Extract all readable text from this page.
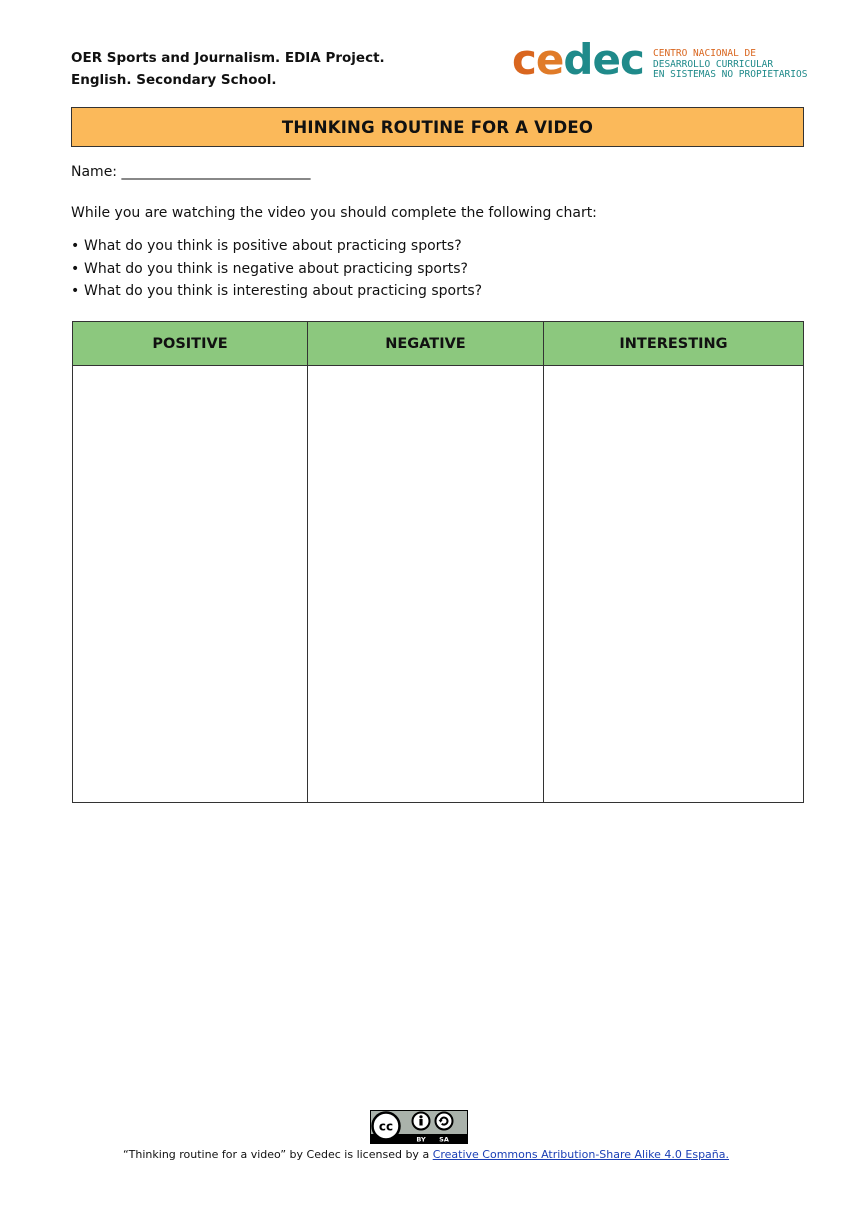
OER Sports and Journalism. EDIA Project.
English. Secondary School.	cedec CENTRO NACIONAL DE
DESARROLLO CURRICULAR
EN SISTEMAS NO PROPIETARIOS
THINKING ROUTINE FOR A VIDEO
Name: ___________________________
While you are watching the video you should complete the following chart:
• What do you think is positive about practicing sports?
• What do you think is negative about practicing sports?
• What do you think is interesting about practicing sports?
POSITIVE	NEGATIVE	INTERESTING

cc
BY SA
“Thinking routine for a video” by Cedec is licensed by a Creative Commons Atribution-Share Alike 4.0 España.
